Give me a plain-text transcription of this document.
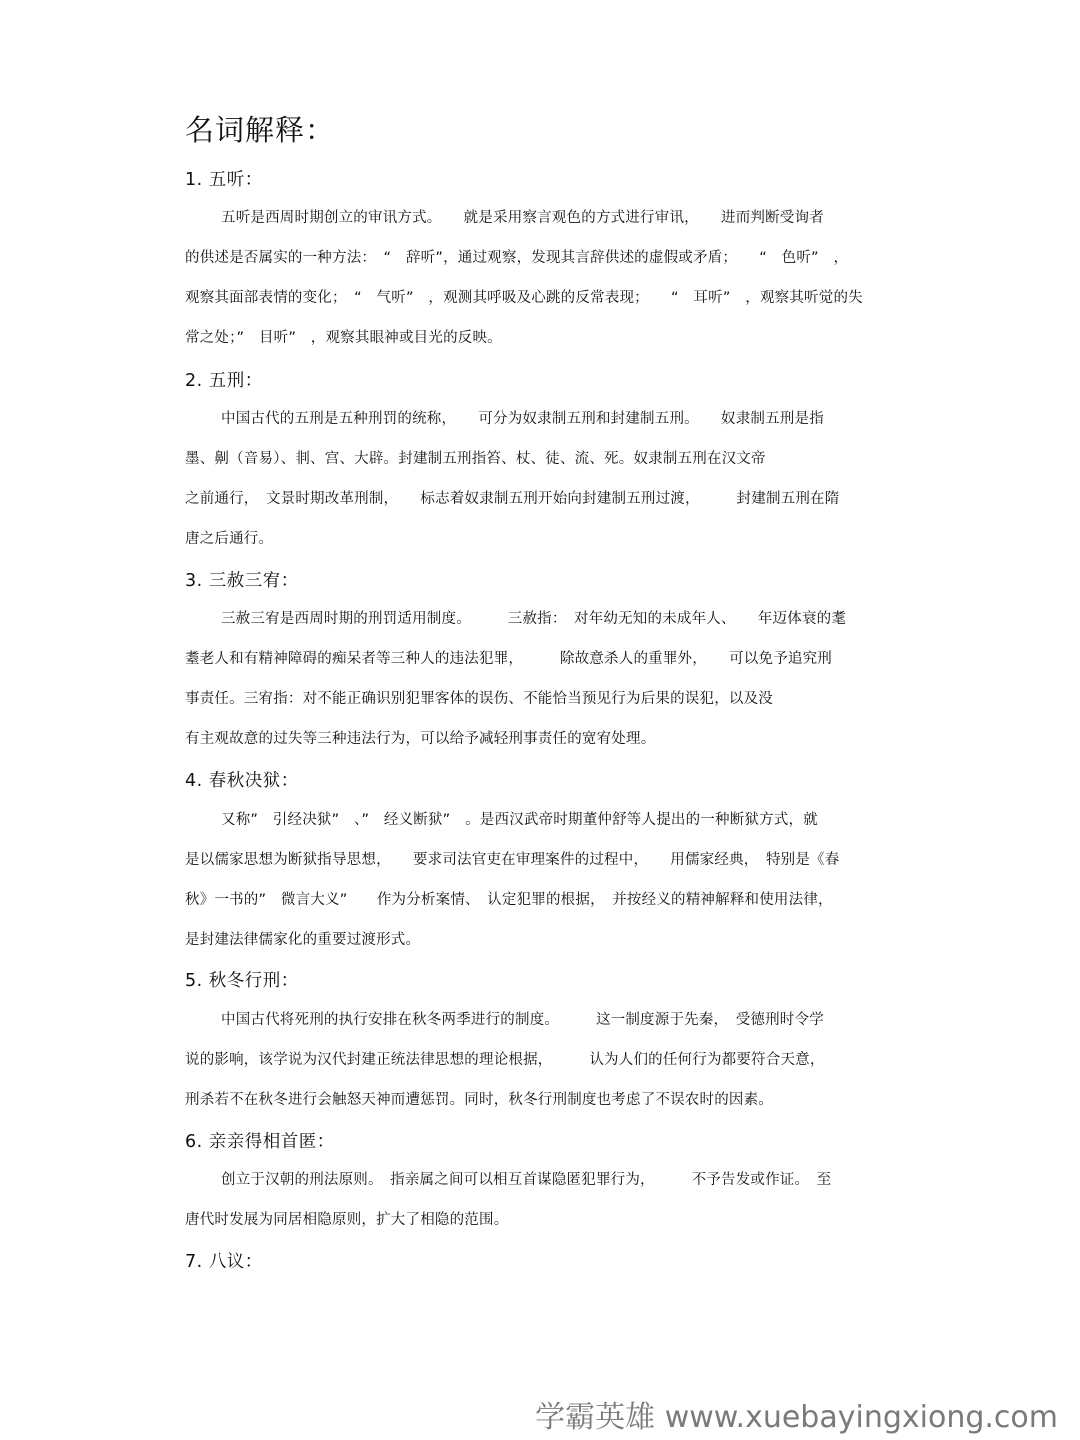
名词解释：
1. 五听：
五听是西周时期创立的审讯方式。　　就是采用察言观色的方式进行审讯，　　进而判断受询者
的供述是否属实的一种方法：　“　辞听”，通过观察，发现其言辞供述的虚假或矛盾；　　“　色听”　，
观察其面部表情的变化；　“　气听”　，观测其呼吸及心跳的反常表现；　　“　耳听”　，观察其听觉的失
常之处；”　目听”　，观察其眼神或目光的反映。
2. 五刑：
中国古代的五刑是五种刑罚的统称，　　可分为奴隶制五刑和封建制五刑。　　奴隶制五刑是指
墨、劓（音易）、剕、宫、大辟。封建制五刑指笞、杖、徒、流、死。奴隶制五刑在汉文帝
之前通行，　文景时期改革刑制，　　标志着奴隶制五刑开始向封建制五刑过渡，　　　封建制五刑在隋
唐之后通行。
3. 三赦三宥：
三赦三宥是西周时期的刑罚适用制度。　　　三赦指：　对年幼无知的未成年人、　　年迈体衰的耄
耋老人和有精神障碍的痴呆者等三种人的违法犯罪，　　　除故意杀人的重罪外，　　可以免予追究刑
事责任。三宥指：对不能正确识别犯罪客体的误伤、不能恰当预见行为后果的误犯，以及没
有主观故意的过失等三种违法行为，可以给予减轻刑事责任的宽宥处理。
4. 春秋决狱：
又称”　引经决狱”　、”　经义断狱”　。是西汉武帝时期董仲舒等人提出的一种断狱方式，就
是以儒家思想为断狱指导思想，　　要求司法官吏在审理案件的过程中，　　用儒家经典，　特别是《春
秋》一书的”　微言大义”　　作为分析案情、　认定犯罪的根据，　并按经义的精神解释和使用法律，
是封建法律儒家化的重要过渡形式。
5. 秋冬行刑：
中国古代将死刑的执行安排在秋冬两季进行的制度。　　　这一制度源于先秦，　受德刑时令学
说的影响，该学说为汉代封建正统法律思想的理论根据，　　　认为人们的任何行为都要符合天意，
刑杀若不在秋冬进行会触怒天神而遭惩罚。同时，秋冬行刑制度也考虑了不误农时的因素。
6. 亲亲得相首匿：
创立于汉朝的刑法原则。　指亲属之间可以相互首谋隐匿犯罪行为，　　　不予告发或作证。　至
唐代时发展为同居相隐原则，扩大了相隐的范围。
7. 八议：
学霸英雄 www.xuebayingxiong.com
